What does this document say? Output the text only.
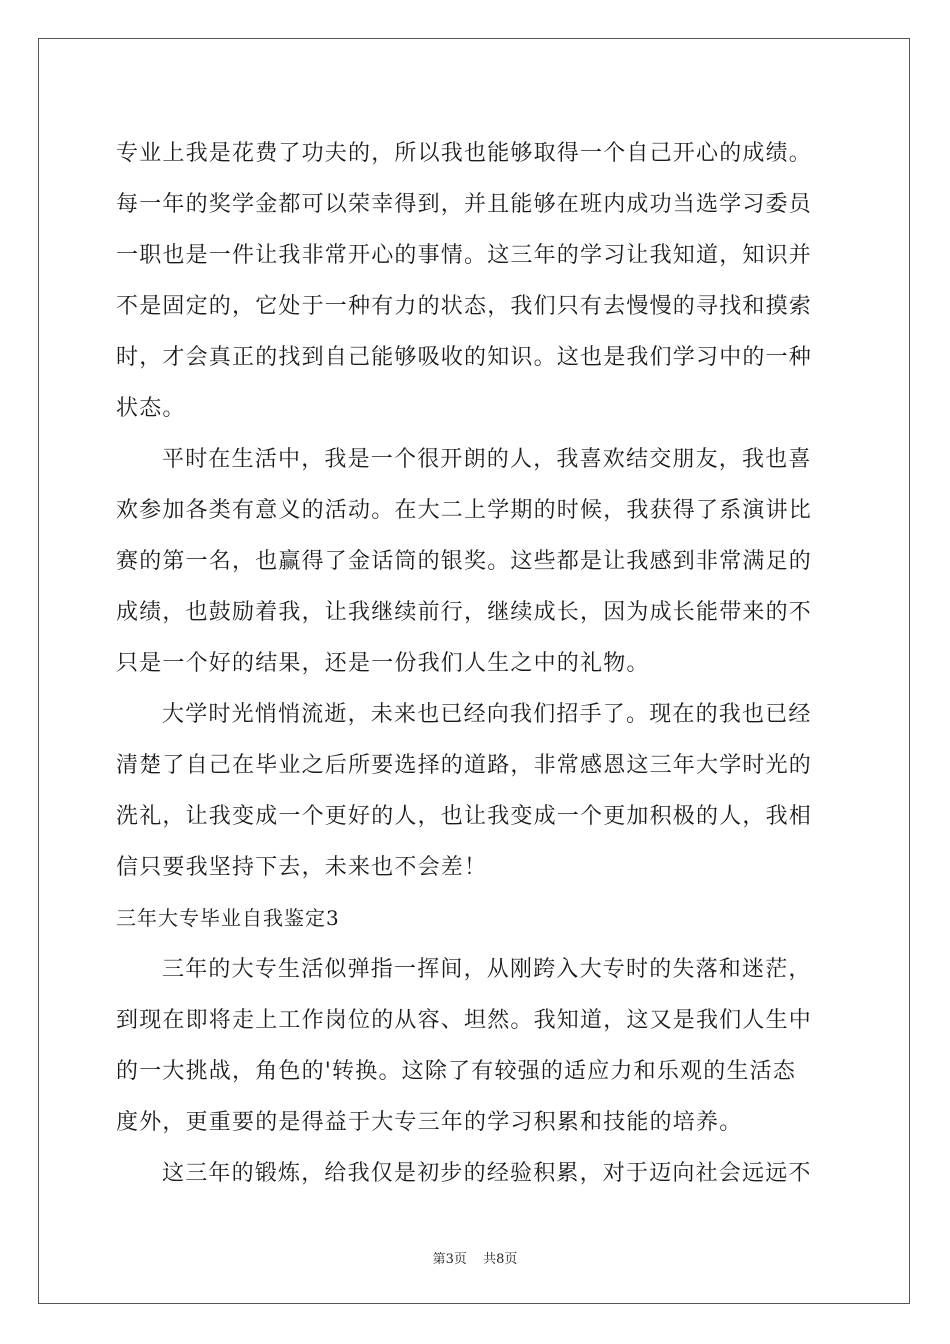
专业上我是花费了功夫的，所以我也能够取得一个自己开心的成绩。
每一年的奖学金都可以荣幸得到，并且能够在班内成功当选学习委员
一职也是一件让我非常开心的事情。这三年的学习让我知道，知识并
不是固定的，它处于一种有力的状态，我们只有去慢慢的寻找和摸索
时，才会真正的找到自己能够吸收的知识。这也是我们学习中的一种
状态。
平时在生活中，我是一个很开朗的人，我喜欢结交朋友，我也喜
欢参加各类有意义的活动。在大二上学期的时候，我获得了系演讲比
赛的第一名，也赢得了金话筒的银奖。这些都是让我感到非常满足的
成绩，也鼓励着我，让我继续前行，继续成长，因为成长能带来的不
只是一个好的结果，还是一份我们人生之中的礼物。
大学时光悄悄流逝，未来也已经向我们招手了。现在的我也已经
清楚了自己在毕业之后所要选择的道路，非常感恩这三年大学时光的
洗礼，让我变成一个更好的人，也让我变成一个更加积极的人，我相
信只要我坚持下去，未来也不会差！
三年大专毕业自我鉴定3
三年的大专生活似弹指一挥间，从刚跨入大专时的失落和迷茫，
到现在即将走上工作岗位的从容、坦然。我知道，这又是我们人生中
的一大挑战，角色的'转换。这除了有较强的适应力和乐观的生活态
度外，更重要的是得益于大专三年的学习积累和技能的培养。
这三年的锻炼，给我仅是初步的经验积累，对于迈向社会远远不
第3页 共8页
